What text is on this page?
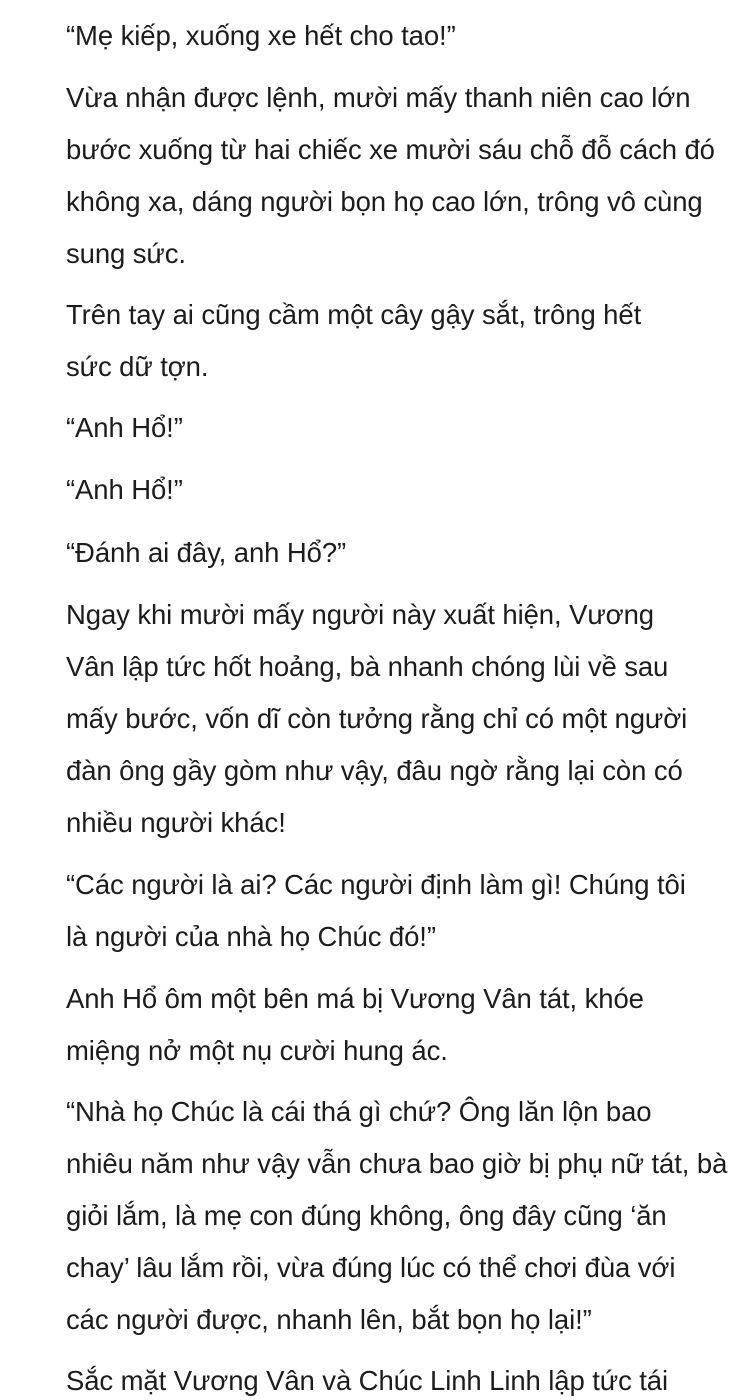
“Mẹ kiếp, xuống xe hết cho tao!”

Vừa nhận được lệnh, mười mấy thanh niên cao lớn
bước xuống từ hai chiếc xe mười sáu chỗ đỗ cách đó
không xa, dáng người bọn họ cao lớn, trông vô cùng
sung sức.

Trên tay ai cũng cầm một cây gậy sắt, trông hết
sức dữ tợn.

“Anh Hổ!”

“Anh Hổ!”

“Đánh ai đây, anh Hổ?”

Ngay khi mười mấy người này xuất hiện, Vương
Vân lập tức hốt hoảng, bà nhanh chóng lùi về sau
mấy bước, vốn dĩ còn tưởng rằng chỉ có một người
đàn ông gầy gòm như vậy, đâu ngờ rằng lại còn có
nhiều người khác!

“Các người là ai? Các người định làm gì! Chúng tôi
là người của nhà họ Chúc đó!”

Anh Hổ ôm một bên má bị Vương Vân tát, khóe
miệng nở một nụ cười hung ác.

“Nhà họ Chúc là cái thá gì chứ? Ông lăn lộn bao
nhiêu năm như vậy vẫn chưa bao giờ bị phụ nữ tát, bà
giỏi lắm, là mẹ con đúng không, ông đây cũng ‘ăn
chay’ lâu lắm rồi, vừa đúng lúc có thể chơi đùa với
các người được, nhanh lên, bắt bọn họ lại!”

Sắc mặt Vương Vân và Chúc Linh Linh lập tức tái
